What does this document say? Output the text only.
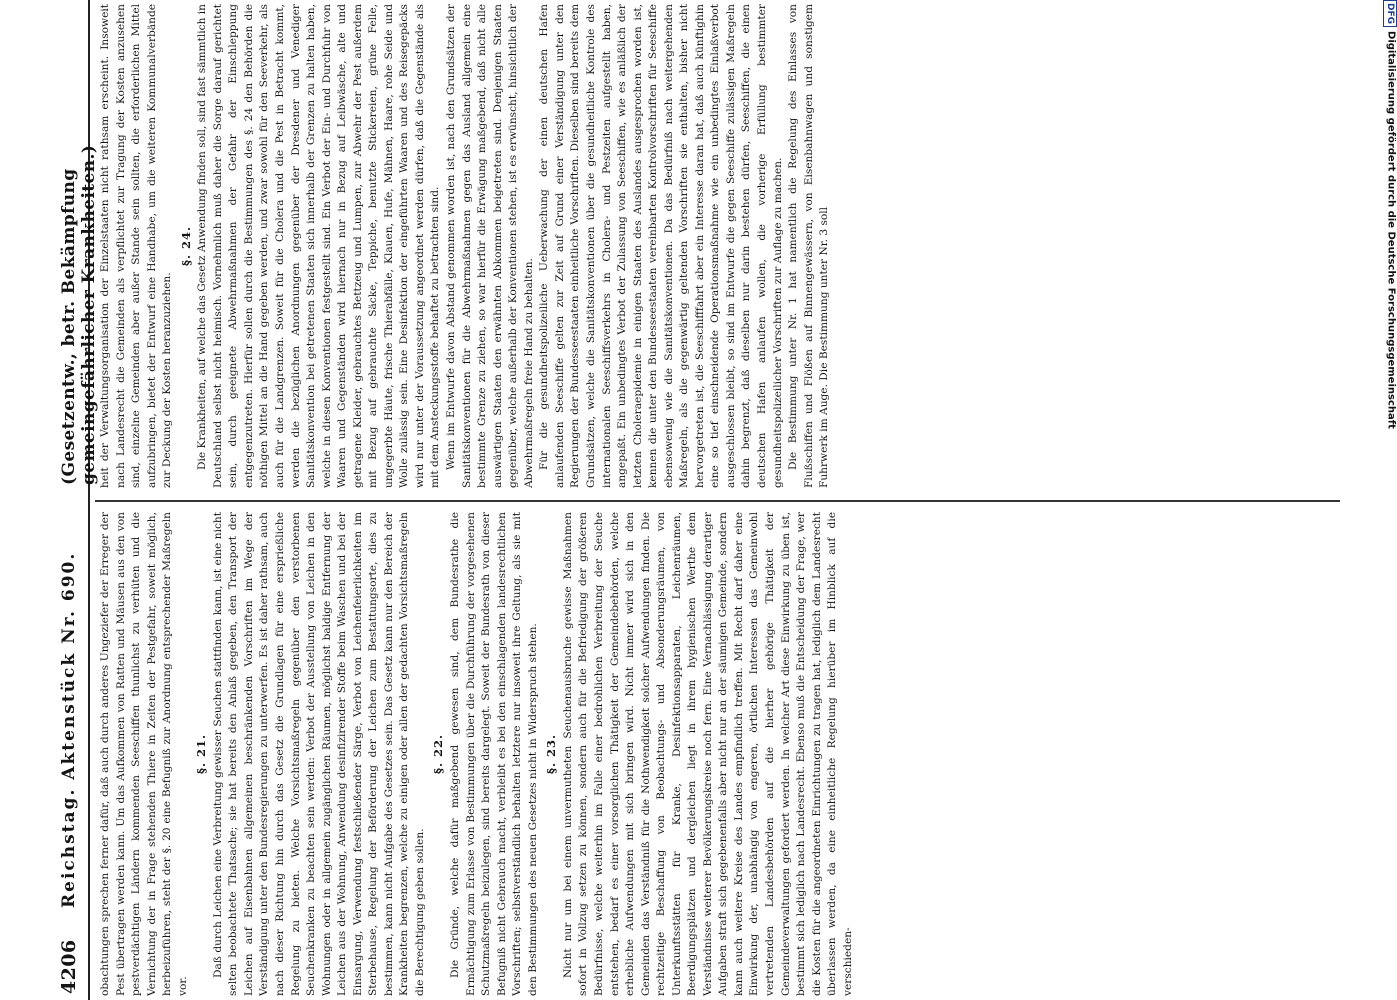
4206
Reichstag. Aktenstück Nr. 690.
(Gesetzentw., betr. Bekämpfung gemeingefährlicher Krankheiten.)

obachtungen sprechen ferner dafür, daß auch durch anderes Ungeziefer der Erreger der Pest übertragen werden kann. Um das Aufkommen von Ratten und Mäusen aus den von pestverdächtigen Ländern kommenden Seeschiffen thunlichst zu verhüten und die Vernichtung der in Frage stehenden Thiere in Zeiten der Pestgefahr, soweit möglich, herbeizuführen, steht der §. 20 eine Befugniß zur Anordnung entsprechender Maßregeln vor.

§. 21. Daß durch Leichen eine Verbreitung gewisser Seuchen stattfinden kann, ist eine nicht selten beobachtete Thatsache; sie hat bereits den Anlaß gegeben, den Transport der Leichen auf Eisenbahnen allgemeinen beschränkenden Vorschriften im Wege der Verständigung unter den Bundesregierungen zu unterwerfen. Es ist daher rathsam, auch nach dieser Richtung hin durch das Gesetz die Grundlagen für eine ersprießliche Regelung zu bieten. Welche Vorsichtsmaßregeln gegenüber den verstorbenen Seuchenkranken zu beachten sein werden: Verbot der Ausstellung von Leichen in den Wohnungen oder in allgemein zugänglichen Räumen, möglichst baldige Entfernung der Leichen aus der Wohnung, Anwendung desinfizirender Stoffe beim Waschen und bei der Einsargung, Verwendung festschließender Särge, Verbot von Leichenfeierlichkeiten im Sterbehause, Regelung der Beförderung der Leichen zum Bestattungsorte, dies zu bestimmen, kann nicht Aufgabe des Gesetzes sein. Das Gesetz kann nur den Bereich der Krankheiten begrenzen, welche zu einigen oder allen der gedachten Vorsichtsmaßregeln die Berechtigung geben sollen.

§. 22. Die Gründe, welche dafür maßgebend gewesen sind, dem Bundesrathe die Ermächtigung zum Erlasse von Bestimmungen über die Durchführung der vorgesehenen Schutzmaßregeln beizulegen, sind bereits dargelegt. Soweit der Bundesrath von dieser Befugniß nicht Gebrauch macht, verbleibt es bei den einschlagenden landesrechtlichen Vorschriften; selbstverständlich behalten letztere nur insoweit ihre Geltung, als sie mit den Bestimmungen des neuen Gesetzes nicht in Widerspruch stehen. §. 23. Nicht nur um bei einem unvermutheten Seuchenausbruche gewisse Maßnahmen sofort in Vollzug setzen zu können, sondern auch für die Befriedigung der größeren Bedürfnisse, welche weiterhin im Falle einer bedrohlichen Verbreitung der Seuche entstehen, bedarf es einer vorsorglichen Thätigkeit der Gemeindebehörden, welche erhebliche Aufwendungen mit sich bringen wird. Nicht immer wird sich in den Gemeinden das Verständniß für die Nothwendigkeit solcher Aufwendungen finden. Die rechtzeitige Beschaffung von Beobachtungs- und Absonderungsräumen, von Unterkunftsstätten für Kranke, Desinfektionsapparaten, Leichenräumen, Beerdigungsplätzen und dergleichen liegt in ihrem hygienischen Werthe dem Verständnisse weiterer Bevölkerungskreise noch fern. Eine Vernachlässigung derartiger Aufgaben straft sich gegebenenfalls aber nicht nur an der säumigen Gemeinde, sondern kann auch weitere Kreise des Landes empfindlich treffen. Mit Recht darf daher eine Einwirkung der, unabhängig von engeren, örtlichen Interessen das Gemeinwohl vertretenden Landesbehörden auf die hierher gehörige Thätigkeit der Gemeindeverwaltungen gefordert werden. In welcher Art diese Einwirkung zu üben ist, bestimmt sich lediglich nach Landesrecht. Ebenso muß die Entscheidung der Frage, wer die Kosten für die angeordneten Einrichtungen zu tragen hat, lediglich dem Landesrecht überlassen werden, da eine einheitliche Regelung hierüber im Hinblick auf die verschieden-

heit der Verwaltungsorganisation der Einzelstaaten nicht rathsam erscheint. Insoweit nach Landesrecht die Gemeinden als verpflichtet zur Tragung der Kosten anzusehen sind, einzelne Gemeinden aber außer Stande sein sollten, die erforderlichen Mittel aufzubringen, bietet der Entwurf eine Handhabe, um die weiteren Kommunalverbände zur Deckung der Kosten heranzuziehen.

§. 24. Die Krankheiten, auf welche das Gesetz Anwendung finden soll, sind fast sämmtlich in Deutschland selbst nicht heimisch. Vornehmlich muß daher die Sorge darauf gerichtet sein, durch geeignete Abwehrmaßnahmen der Gefahr der Einschleppung entgegenzutreten. Hierfür sollen durch die Bestimmungen des §. 24 den Behörden die nöthigen Mittel an die Hand gegeben werden, und zwar sowohl für den Seeverkehr, als auch für die Landgrenzen. Soweit für die Cholera und die Pest in Betracht kommt, werden die bezüglichen Anordnungen gegenüber der Dresdener und Venediger Sanitätskonvention bei getretenen Staaten sich innerhalb der Grenzen zu halten haben, welche in diesen Konventionen festgestellt sind. Ein Verbot der Ein- und Durchfuhr von Waaren und Gegenständen wird hiernach nur in Bezug auf Leibwäsche, alte und getragene Kleider, gebrauchtes Bettzeug und Lumpen, zur Abwehr der Pest außerdem mit Bezug auf gebrauchte Säcke, Teppiche, benutzte Stickereien, grüne Felle, ungegerbte Häute, frische Thierabfälle, Klauen, Hufe, Mähnen, Haare, rohe Seide und Wolle zulässig sein. Eine Desinfektion der eingeführten Waaren und des Reisegepäcks wird nur unter der Voraussetzung angeordnet werden dürfen, daß die Gegenstände als mit dem Ansteckungsstoffe behaftet zu betrachten sind. Wenn im Entwurfe davon Abstand genommen worden ist, nach den Grundsätzen der Sanitätskonventionen für die Abwehrmaßnahmen gegen das Ausland allgemein eine bestimmte Grenze zu ziehen, so war hierfür die Erwägung maßgebend, daß nicht alle auswärtigen Staaten den erwähnten Abkommen beigetreten sind. Denjenigen Staaten gegenüber, welche außerhalb der Konventionen stehen, ist es erwünscht, hinsichtlich der Abwehrmaßregeln freie Hand zu behalten. Für die gesundheitspolizeiliche Ueberwachung der einen deutschen Hafen anlaufenden Seeschiffe gelten zur Zeit auf Grund einer Verständigung unter den Regierungen der Bundesseestaaten einheitliche Vorschriften. Dieselben sind bereits dem Grundsätzen, welche die Sanitätskonventionen über die gesundheitliche Kontrole des internationalen Seeschiffsverkehrs in Cholera- und Pestzeiten aufgestellt haben, angepaßt. Ein unbedingtes Verbot der Zulassung von Seeschiffen, wie es anläßlich der letzten Choleraepidemie in einigen Staaten des Auslandes ausgesprochen worden ist, kennen die unter den Bundesseestaaten vereinbarten Kontrolvorschriften für Seeschiffe ebensowenig wie die Sanitätskonventionen. Da das Bedürfniß nach weitergehenden Maßregeln, als die gegenwärtig geltenden Vorschriften sie enthalten, bisher nicht hervorgetreten ist, die Seeschifffahrt aber ein Interesse daran hat, daß auch künftighin eine so tief einschneidende Operationsmaßnahme wie ein unbedingtes Einlaßverbot ausgeschlossen bleibt, so sind im Entwurfe die gegen Seeschiffe zulässigen Maßregeln dahin begrenzt, daß dieselben nur darin bestehen dürfen, Seeschiffen, die einen deutschen Hafen anlaufen wollen, die vorherige Erfüllung bestimmter gesundheitspolizeilicher Vorschriften zur Auflage zu machen. Die Bestimmung unter Nr. 1 hat namentlich die Regelung des Einlasses von Flußschiffen und Flößen auf Binnengewässern, von Eisenbahnwagen und sonstigem Fuhrwerk im Auge. Die Bestimmung unter Nr. 3 soll

DFGDigitalisierung gefördert durch die Deutsche Forschungsgemeinschaft
